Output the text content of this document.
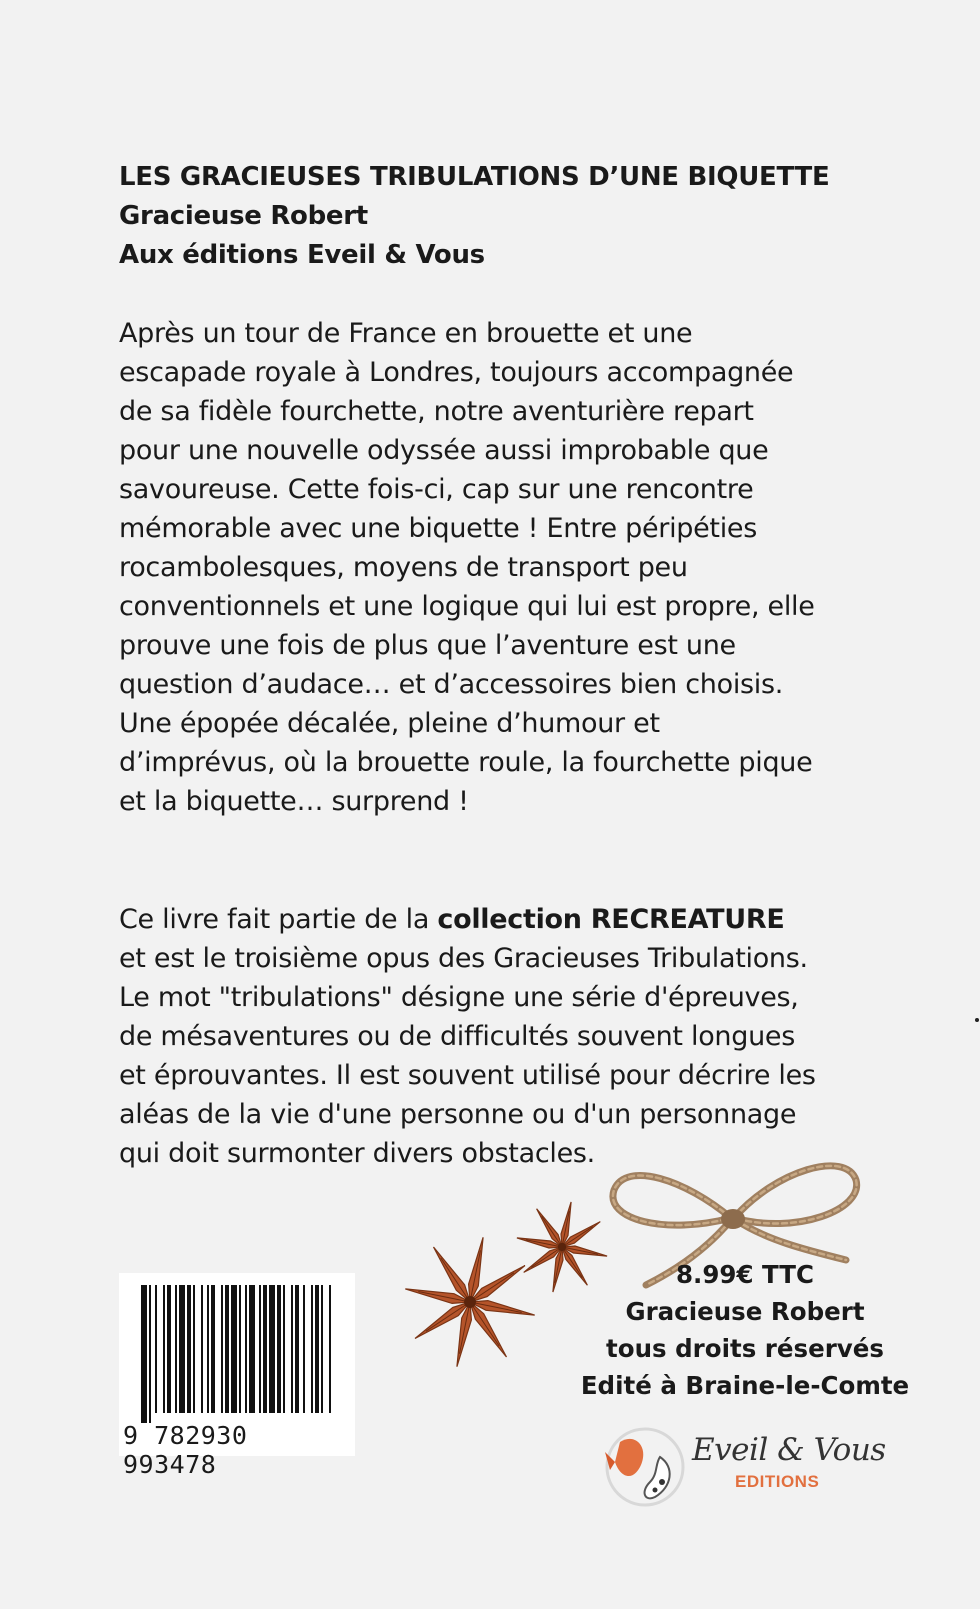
LES GRACIEUSES TRIBULATIONS D’UNE BIQUETTE
Gracieuse Robert
Aux éditions Eveil & Vous
Après un tour de France en brouette et une
escapade royale à Londres, toujours accompagnée
de sa fidèle fourchette, notre aventurière repart
pour une nouvelle odyssée aussi improbable que
savoureuse. Cette fois-ci, cap sur une rencontre
mémorable avec une biquette ! Entre péripéties
rocambolesques, moyens de transport peu
conventionnels et une logique qui lui est propre, elle
prouve une fois de plus que l’aventure est une
question d’audace… et d’accessoires bien choisis.
Une épopée décalée, pleine d’humour et
d’imprévus, où la brouette roule, la fourchette pique
et la biquette… surprend !
Ce livre fait partie de la collection RECREATURE
et est le troisième opus des Gracieuses Tribulations.
Le mot "tribulations" désigne une série d'épreuves,
de mésaventures ou de difficultés souvent longues
et éprouvantes. Il est souvent utilisé pour décrire les
aléas de la vie d'une personne ou d'un personnage
qui doit surmonter divers obstacles.
9 782930 993478
8.99€ TTC
Gracieuse Robert
tous droits réservés
Edité à Braine-le-Comte
Eveil & Vous
EDITIONS
